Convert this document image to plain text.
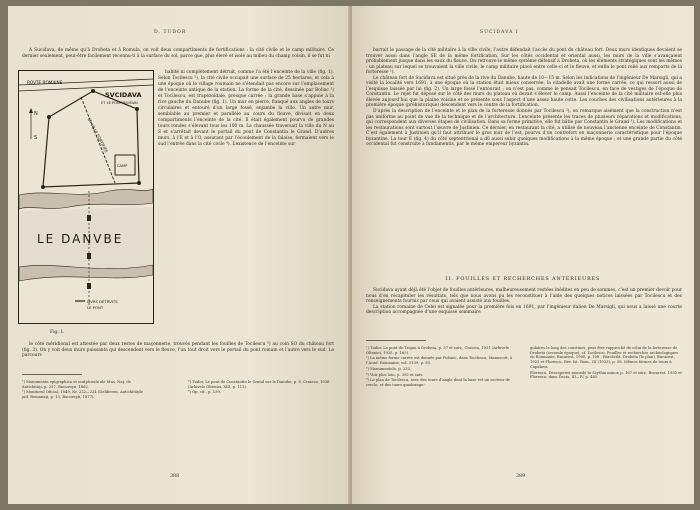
D. TUDOR

A Sucidava, de même qu’à Drobeta et à Romula, on voit deux compartiments de fortifications : la cité civile et le camp militaire. Ce dernier seulement, peut-être facilement reconnu-ti à la surface du sol, parce que, plus élevé et isolé au milieu du champ voisin, il se fut ni

ROVTE ROMAINE
SVCIDAVA
ET LE PONT ROMAIN
N
S	LA VILLE FORTIFIÉE
CAMP
LE DANVBE
MVRS DÉTRVITS
LE PONT

habité ni complètement détruit, comme l’a été l’enceinte de la ville (fig. 1). Selon Tocilescu ²), la cité civile occupait une surface de 25 hectares, et cela à une époque où le village roumain ne s’étendait pas encore sur l’emplacement de l’enceinte antique de la station. La forme de la cité, dessinée par Boliac ³) et Tocilescu, est trapézoïdale, presque carrée ; la grande base s’appuie à la rive gauche du Danube (fig. 1). Un mur en pierre, flanqué aux angles de tours circulaires et entouré d’un large fossé, enjambe la ville. Un autre mur, semblable au premier et parallèle au cours du fleuve, divisait en deux compartiments l’enceinte de la cité. Il était également pourvu de grandes tours rondes s’élevant tous les 100 m. La chaussée traversait la ville du N au S et s’arrêtait devant le portail du pont de Constantin le Grand. D’autres murs, à l’E et à l’O, assurant par l’écoulement de la falaise, fermaient vers le sud l’entrée dans la cité civile ⁴). L’existence de l’enceinte sur

Fig. 1.

le côté méridional est attestée par deux restes de maçonnerie, trouvés pendant les fouilles de Tocilescu ⁵) au coin SO du château fort (fig. 3). On y voit deux murs puissants qui descendent vers le fleuve, l’un tout droit vers le portail du pont romain et l’autre vers le sud. Le parcours

¹) Monumenta epigraphica et sculptorala ale Mus. Naţ. de Antichităţi, p. 257, Bucureşti, 1862.

²) Monitorul Oficial, 1849, Nr. 222—224 (Deliberen. Antichităţile jud. Romanaţi, p. 13, Bucureşti, 1877).

³) Tudor, Le pont de Constantin le Grand sur le Danube, p. 8, Craiova, 1936 (Arhivele Olteniei, XIII, p. 112).

⁴) Op. cit., p. 139.

388
SUCIDAVA I

barrait le passage de la cité militaire à la ville civile, l’autre défendait l’accès du pont du château fort. Deux murs identiques devaient se trouver aussi dans l’angle SE de la même fortification. Sur les côtés occidental et oriental aussi, les murs de la ville s’avançaient probablement jusque dans les eaux du fleuve. On retrouve le même système défensif à Drobeta, où les éléments stratégiques sont les mêmes : un plateau sur lequel se trouvaient la ville civile, le camp militaire placé entre celle-ci et le fleuve, et enfin le pont relié aux remparts de la forteresse ¹).

Le château fort de Sucidava est situé près de la rive du Danube, haute de 10—15 m. Selon les indications de l’ingénieur De Marsigli, qui a visité la localité vers 1691, à une époque où la station était mieux conservée, la citadelle avait une forme carrée, ce qui ressort aussi de l’esquisse laissée par lui (fig. 2). Un large fossé l’entourait ; on n’est pas, comme le pensait Tocilescu, en face de vestiges de l’époque de Constantin. Le rejet fut déposé sur le côté des murs du plateau où devait s’élever le camp. Aussi l’enceinte de la cité militaire est-elle plus élevée aujourd’hui que la plaine voisine et se présente sous l’aspect d’une assez haute cotte. Les couches des civilisations antérieures à la première époque (préhistorique) descendent vers le centre de la fortification.

D’après la description de l’enceinte et le plan de la forteresse donnés par Tocilescu ²), on remarque aisément que la construction n’est pas uniforme au point de vue de la technique et de l’architecture. L’enceinte présente les traces de plusieurs réparations et modifications, qui correspondent aux diverses étapes de civilisation. Dans sa forme primitive, elle fut bâtie par Constantin le Grand ³). Les modifications et les restaurations sont surtout l’œuvre de Justinien. Ce dernier, en restaurant la cité, a utilisé de nouveau l’ancienne enceinte de Constantin. C’est également à Justinien qu’il faut attribuer le gros mur de l’est, pourvu d’un contrefort en maçonnerie caractéristique pour l’époque byzantine. La tour E (fig. 4) du côté septentrional a dû aussi subir quelques modifications à la même époque ; et une grande partie du côté occidental fut construite à fundamentis, par le même empereur byzantin.

II. FOUILLES ET RECHERCHES ANTÉRIEURES

Sucidava ayant déjà été l’objet de fouilles antérieures, malheureusement restées inédites en peu de sommes, c’est un premier devoir pour nous d’en récapituler les résultats, tels que nous avons pu les reconstituer à l’aide des quelques notices laissées par Tocilescu et des renseignements fournis par ceux qui avaient assisté aux fouilles.

La station romaine de Celei est signalée pour la première fois en 1691, par l’ingénieur italien De Marsigli, qui nous a laissé une courte description accompagnée d’une esquisse sommaire

¹) Tudor, Le pont de Trajan à Drobeta, p. 37 et suiv., Craiova, 1931 (Arhivele Olteniei, 1935, p. 165).

²) La même forme carrée est donnée par Polonic, dans Tocilescu, Manuscrit, à l’Acad. Roumaine, vol. 5139, p. 83.

³) Monumentele, p. 233.

⁴) Voir plus loin, p. 392 et suiv.

⁵) Le plan de Tocilescu, avec des tours d’angle dont la base est un secteur de cercle, et des tours quadrangu-

gulaires le long des courtines, peut être rapproché de celui de la forteresse de Drobeta (seconde époque), cf. Tocilescu, Fouilles et recherches archéologiques en Roumanie, Bucarest, 1900, p. 108 ; Bărcăcilă, Drobeta (le plan), Bucarest, 1923 et Florescu, Rev. Ist. Rom., III (1933), p. 58. Mêmes formes de tours à Capidava.

Florescu, Descoperiri monede în Scythia minor, p. 167 et suiv., Bucarest, 1932 et Florescu, dans Dacia, III—IV, p. 465.

389
